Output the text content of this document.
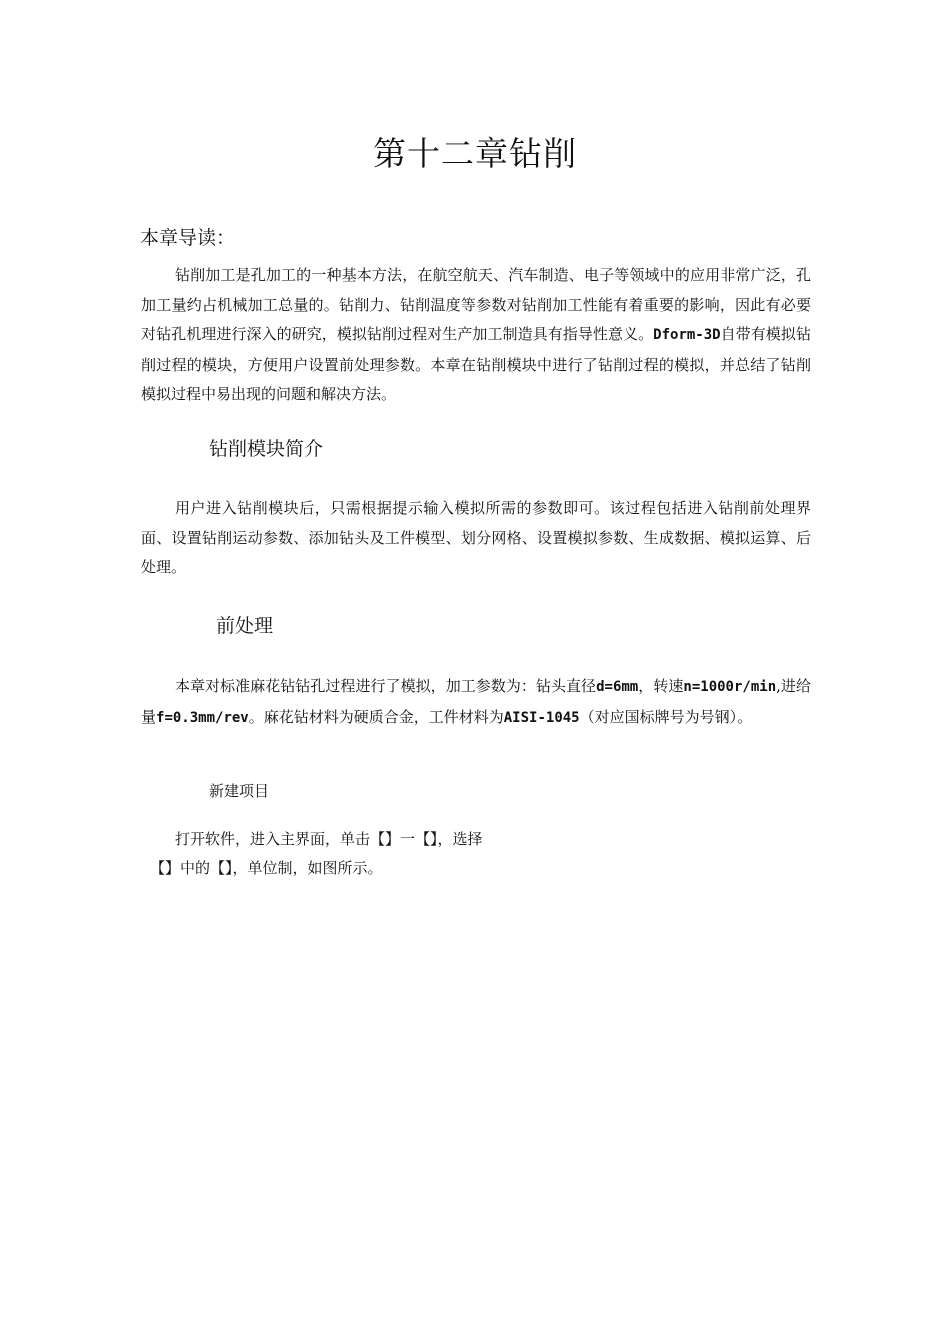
第十二章钻削
本章导读：

钻削加工是孔加工的一种基本方法，在航空航天、汽车制造、电子等领域中的应用非常广泛，孔加工量约占机械加工总量的。钻削力、钻削温度等参数对钻削加工性能有着重要的影响，因此有必要对钻孔机理进行深入的研究，模拟钻削过程对生产加工制造具有指导性意义。Dform-3D自带有模拟钻削过程的模块，方便用户设置前处理参数。本章在钻削模块中进行了钻削过程的模拟，并总结了钻削模拟过程中易出现的问题和解决方法。

钻削模块简介

用户进入钻削模块后，只需根据提示输入模拟所需的参数即可。该过程包括进入钻削前处理界面、设置钻削运动参数、添加钻头及工件模型、划分网格、设置模拟参数、生成数据、模拟运算、后处理。

前处理

本章对标准麻花钻钻孔过程进行了模拟，加工参数为：钻头直径d=6mm，转速n=1000r/min,进给量f=0.3mm/rev。麻花钻材料为硬质合金，工件材料为AISI-1045（对应国标牌号为号钢）。

新建项目

打开软件，进入主界面，单击【】一【】，选择

【】中的【】，单位制，如图所示。
